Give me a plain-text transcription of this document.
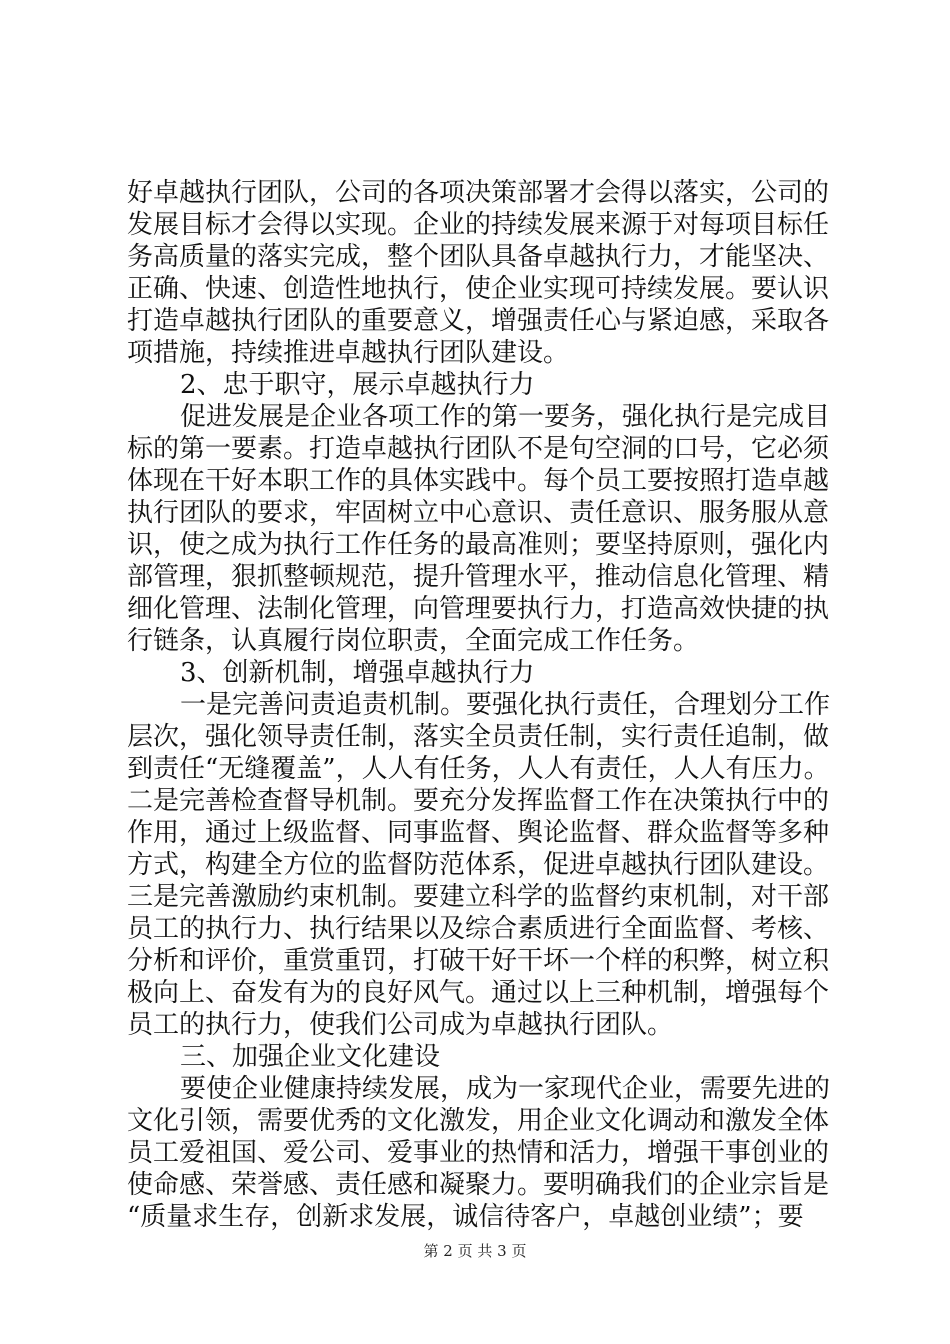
好卓越执行团队，公司的各项决策部署才会得以落实，公司的
发展目标才会得以实现。企业的持续发展来源于对每项目标任
务高质量的落实完成，整个团队具备卓越执行力，才能坚决、
正确、快速、创造性地执行，使企业实现可持续发展。要认识
打造卓越执行团队的重要意义，增强责任心与紧迫感，采取各
项措施，持续推进卓越执行团队建设。
2、忠于职守，展示卓越执行力
促进发展是企业各项工作的第一要务，强化执行是完成目
标的第一要素。打造卓越执行团队不是句空洞的口号，它必须
体现在干好本职工作的具体实践中。每个员工要按照打造卓越
执行团队的要求，牢固树立中心意识、责任意识、服务服从意
识，使之成为执行工作任务的最高准则；要坚持原则，强化内
部管理，狠抓整顿规范，提升管理水平，推动信息化管理、精
细化管理、法制化管理，向管理要执行力，打造高效快捷的执
行链条，认真履行岗位职责，全面完成工作任务。
3、创新机制，增强卓越执行力
一是完善问责追责机制。要强化执行责任，合理划分工作
层次，强化领导责任制，落实全员责任制，实行责任追制，做
到责任“无缝覆盖”，人人有任务，人人有责任，人人有压力。
二是完善检查督导机制。要充分发挥监督工作在决策执行中的
作用，通过上级监督、同事监督、舆论监督、群众监督等多种
方式，构建全方位的监督防范体系，促进卓越执行团队建设。
三是完善激励约束机制。要建立科学的监督约束机制，对干部
员工的执行力、执行结果以及综合素质进行全面监督、考核、
分析和评价，重赏重罚，打破干好干坏一个样的积弊，树立积
极向上、奋发有为的良好风气。通过以上三种机制，增强每个
员工的执行力，使我们公司成为卓越执行团队。
三、加强企业文化建设
要使企业健康持续发展，成为一家现代企业，需要先进的
文化引领，需要优秀的文化激发，用企业文化调动和激发全体
员工爱祖国、爱公司、爱事业的热情和活力，增强干事创业的
使命感、荣誉感、责任感和凝聚力。要明确我们的企业宗旨是
“质量求生存，创新求发展，诚信待客户，卓越创业绩”；要
第 2 页 共 3 页
